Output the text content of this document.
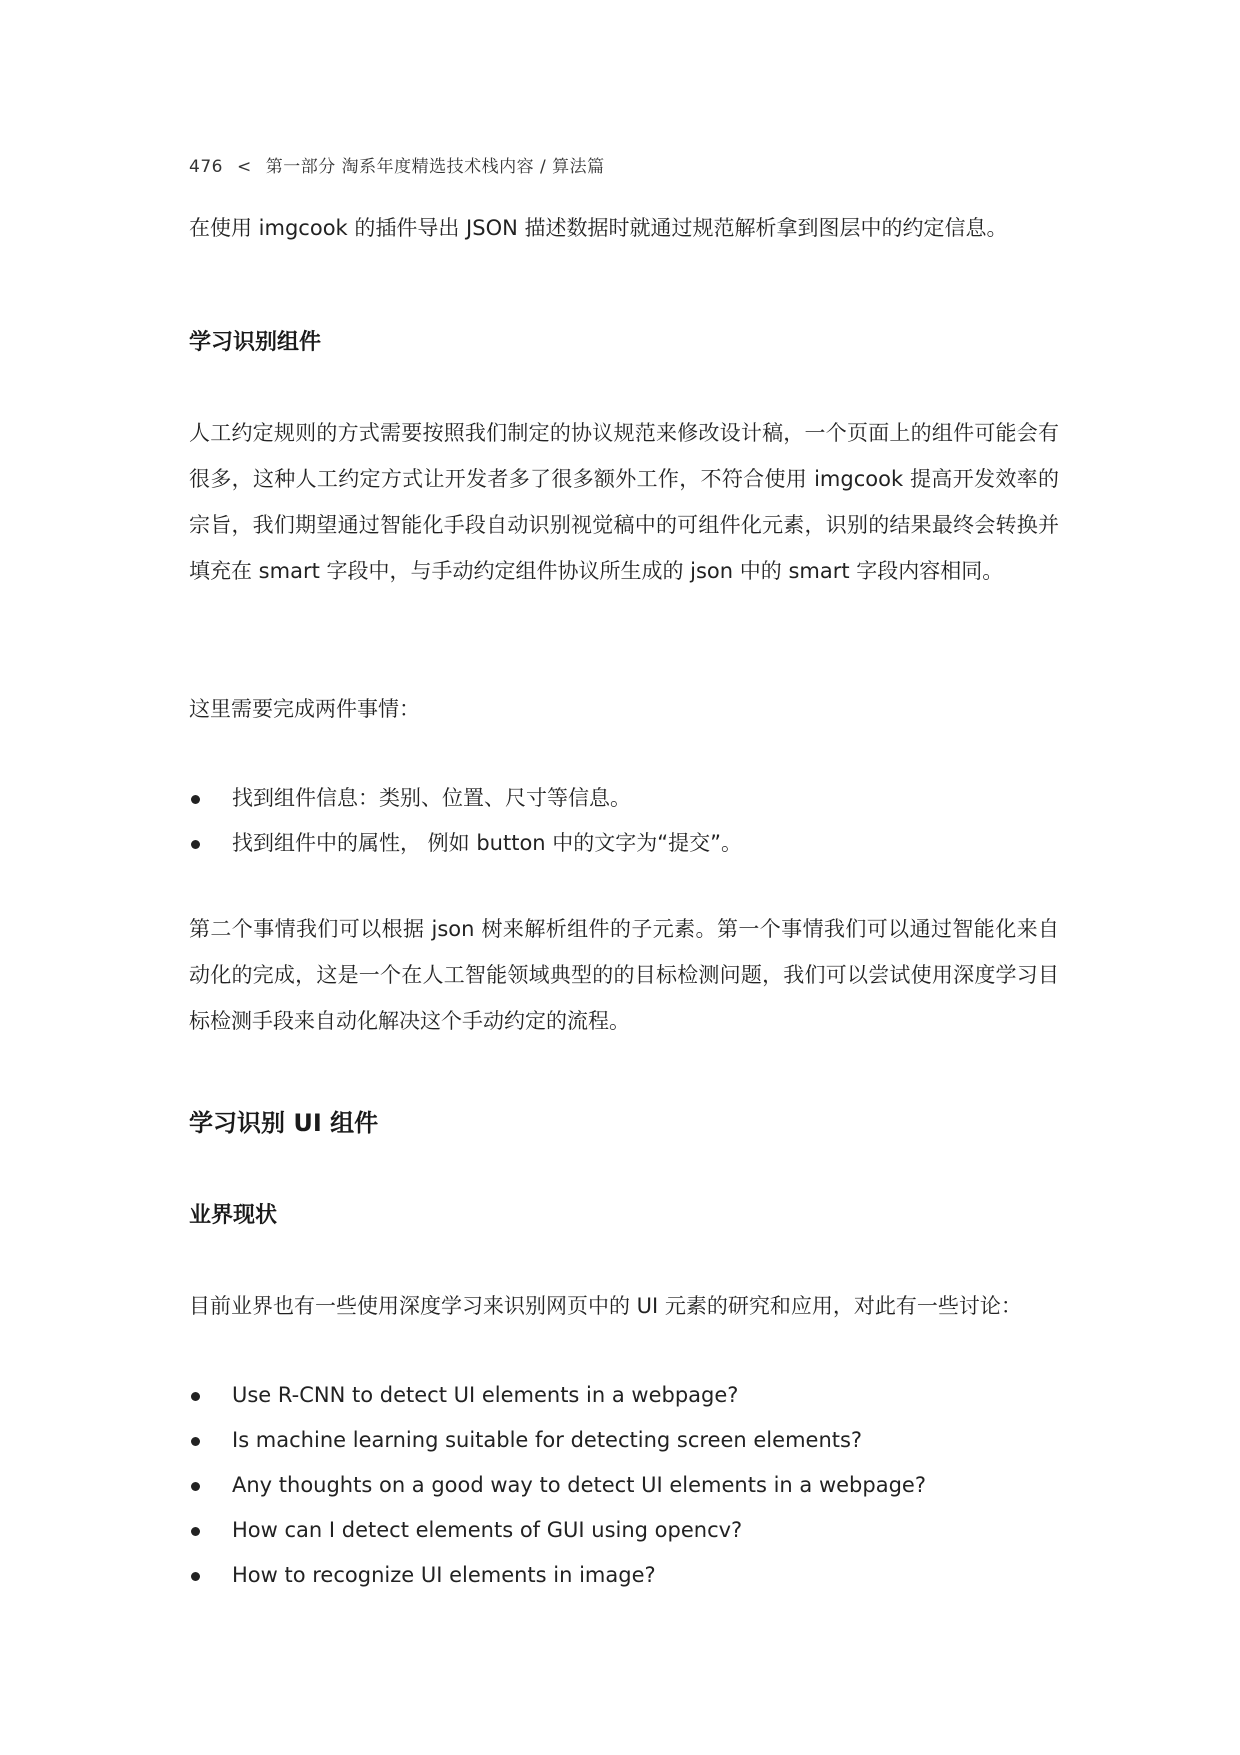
476 < 第一部分 淘系年度精选技术栈内容 / 算法篇

在使用 imgcook 的插件导出 JSON 描述数据时就通过规范解析拿到图层中的约定信息。

学习识别组件

人工约定规则的方式需要按照我们制定的协议规范来修改设计稿，一个页面上的组件可能会有很多，这种人工约定方式让开发者多了很多额外工作，不符合使用 imgcook 提高开发效率的宗旨，我们期望通过智能化手段自动识别视觉稿中的可组件化元素，识别的结果最终会转换并填充在 smart 字段中，与手动约定组件协议所生成的 json 中的 smart 字段内容相同。

这里需要完成两件事情：

找到组件信息：类别、位置、尺寸等信息。
找到组件中的属性， 例如 button 中的文字为“提交”。

第二个事情我们可以根据 json 树来解析组件的子元素。第一个事情我们可以通过智能化来自动化的完成，这是一个在人工智能领域典型的的目标检测问题，我们可以尝试使用深度学习目标检测手段来自动化解决这个手动约定的流程。

学习识别 UI 组件
业界现状

目前业界也有一些使用深度学习来识别网页中的 UI 元素的研究和应用，对此有一些讨论：

Use R-CNN to detect UI elements in a webpage?
Is machine learning suitable for detecting screen elements?
Any thoughts on a good way to detect UI elements in a webpage?
How can I detect elements of GUI using opencv?
How to recognize UI elements in image?
